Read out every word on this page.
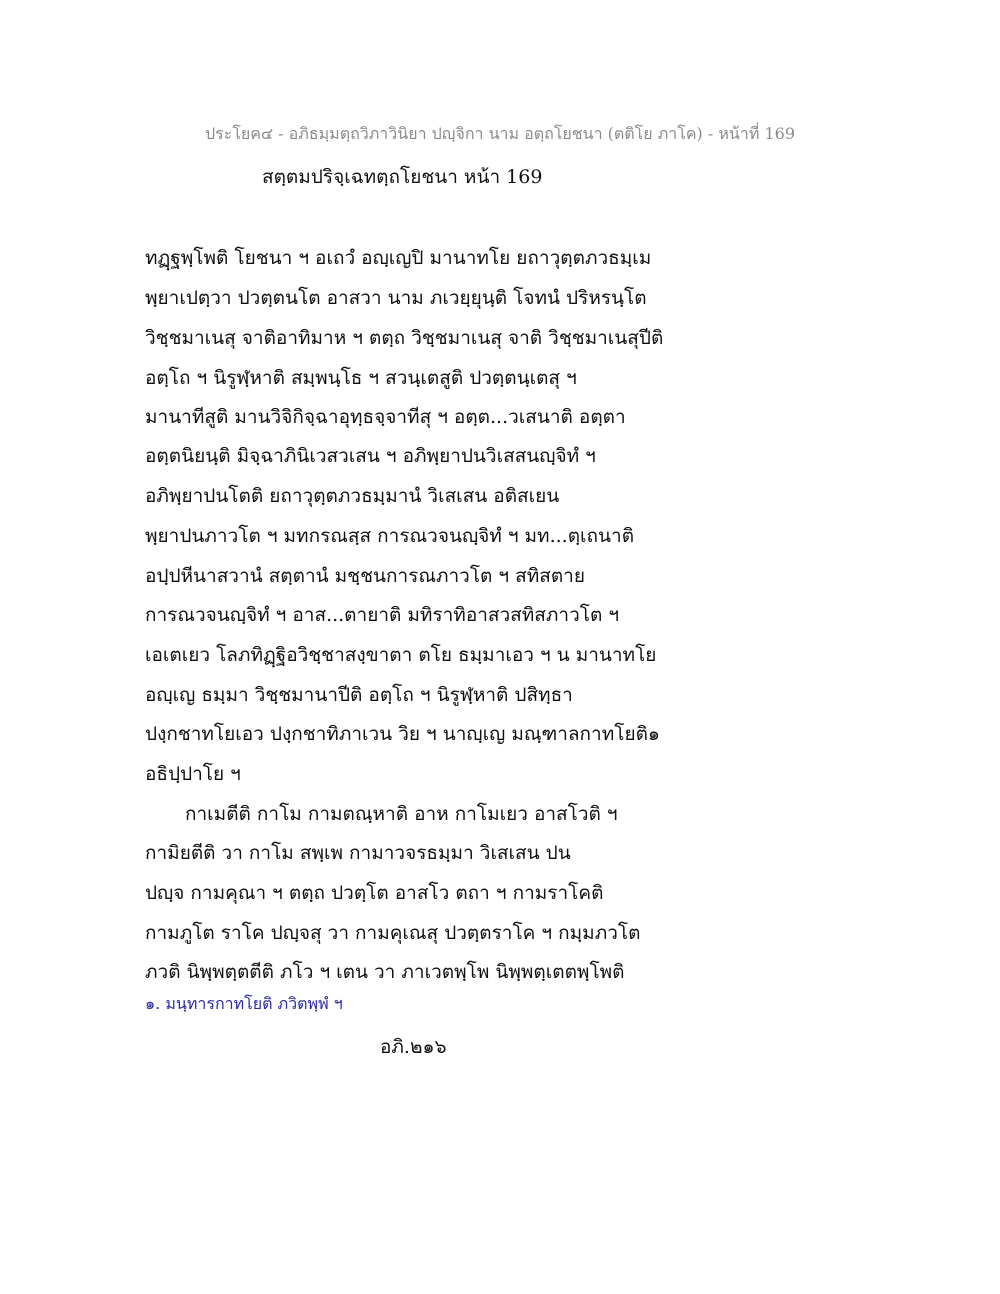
ประโยค๔ - อภิธมฺมตฺถวิภาวินิยา ปญฺจิกา นาม อตฺถโยชนา (ตติโย ภาโค) - หน้าที่ 169
สตฺตมปริจฺเฉทตฺถโยชนา หน้า 169
ทฏฺฐพฺโพติ โยชนา ฯ อเถวํ อญฺเญปิ มานาทโย ยถาวุตฺตภวธมฺเม
พฺยาเปตฺวา ปวตฺตนโต อาสวา นาม ภเวยฺยุนฺติ โจทนํ ปริหรนฺโต
วิชฺชมาเนสุ จาติอาทิมาห ฯ ตตฺถ วิชฺชมาเนสุ จาติ วิชฺชมาเนสุปีติ
อตฺโถ ฯ นิรูฬฺหาติ สมฺพนฺโธ ฯ สวนฺเตสูติ ปวตฺตนฺเตสุ ฯ
มานาทีสูติ มานวิจิกิจฺฉาอุทฺธจฺจาทีสุ ฯ อตฺต...วเสนาติ อตฺตา
อตฺตนิยนฺติ มิจฺฉาภินิเวสวเสน ฯ อภิพฺยาปนวิเสสนญฺจิทํ ฯ
อภิพฺยาปนโตติ ยถาวุตฺตภวธมฺมานํ วิเสเสน อติสเยน
พฺยาปนภาวโต ฯ มทกรณสฺส การณวจนญฺจิทํ ฯ มท...ตฺเถนาติ
อปฺปหีนาสวานํ สตฺตานํ มชฺชนการณภาวโต ฯ สทิสตาย
การณวจนญฺจิทํ ฯ อาส...ตายาติ มทิราทิอาสวสทิสภาวโต ฯ
เอเตเยว โลภทิฏฺฐิอวิชฺชาสงฺขาตา ตโย ธมฺมาเอว ฯ น มานาทโย
อญฺเญ ธมฺมา วิชฺชมานาปีติ อตฺโถ ฯ นิรูฬฺหาติ ปสิทฺธา
ปงฺกชาทโยเอว ปงฺกชาทิภาเวน วิย ฯ นาญฺเญ มณฺฑาลกาทโยติ๑
อธิปฺปาโย ฯ
กาเมตีติ กาโม กามตณฺหาติ อาห กาโมเยว อาสโวติ ฯ
กามิยตีติ วา กาโม สพฺเพ กามาวจรธมฺมา วิเสเสน ปน
ปญฺจ กามคุณา ฯ ตตฺถ ปวตฺโต อาสโว ตถา ฯ กามราโคติ
กามภูโต ราโค ปญฺจสุ วา กามคุเณสุ ปวตฺตราโค ฯ กมฺมภวโต
ภวติ นิพฺพตฺตตีติ ภโว ฯ เตน วา ภาเวตพฺโพ นิพฺพตฺเตตพฺโพติ
๑. มนฺทารกาทโยติ ภวิตพฺพํ ฯ
อภิ.๒๑๖
